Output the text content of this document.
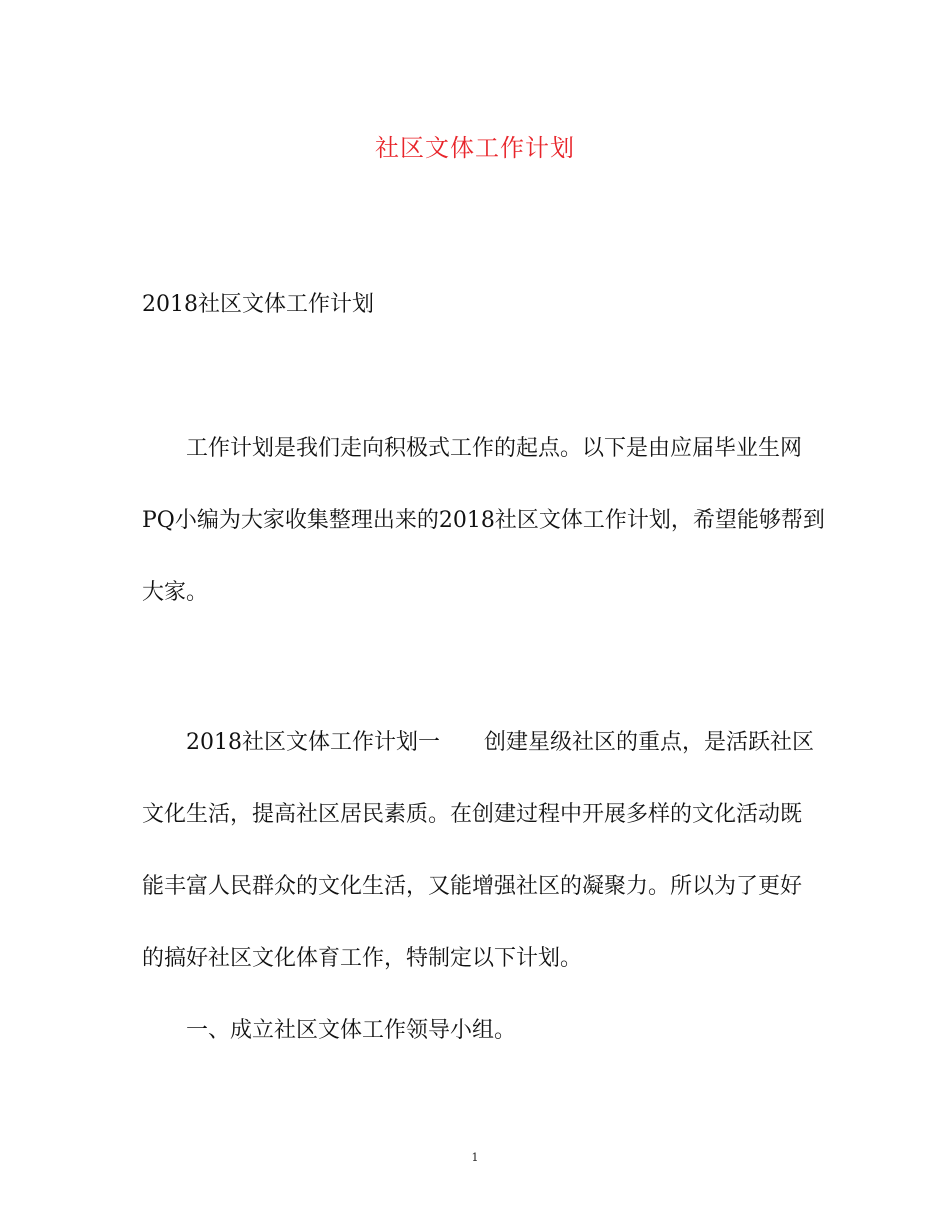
社区文体工作计划
2018社区文体工作计划
　　工作计划是我们走向积极式工作的起点。以下是由应届毕业生网
PQ小编为大家收集整理出来的2018社区文体工作计划，希望能够帮到
大家。
　　2018社区文体工作计划一　　创建星级社区的重点，是活跃社区
文化生活，提高社区居民素质。在创建过程中开展多样的文化活动既
能丰富人民群众的文化生活，又能增强社区的凝聚力。所以为了更好
的搞好社区文化体育工作，特制定以下计划。
　　一、成立社区文体工作领导小组。
1
